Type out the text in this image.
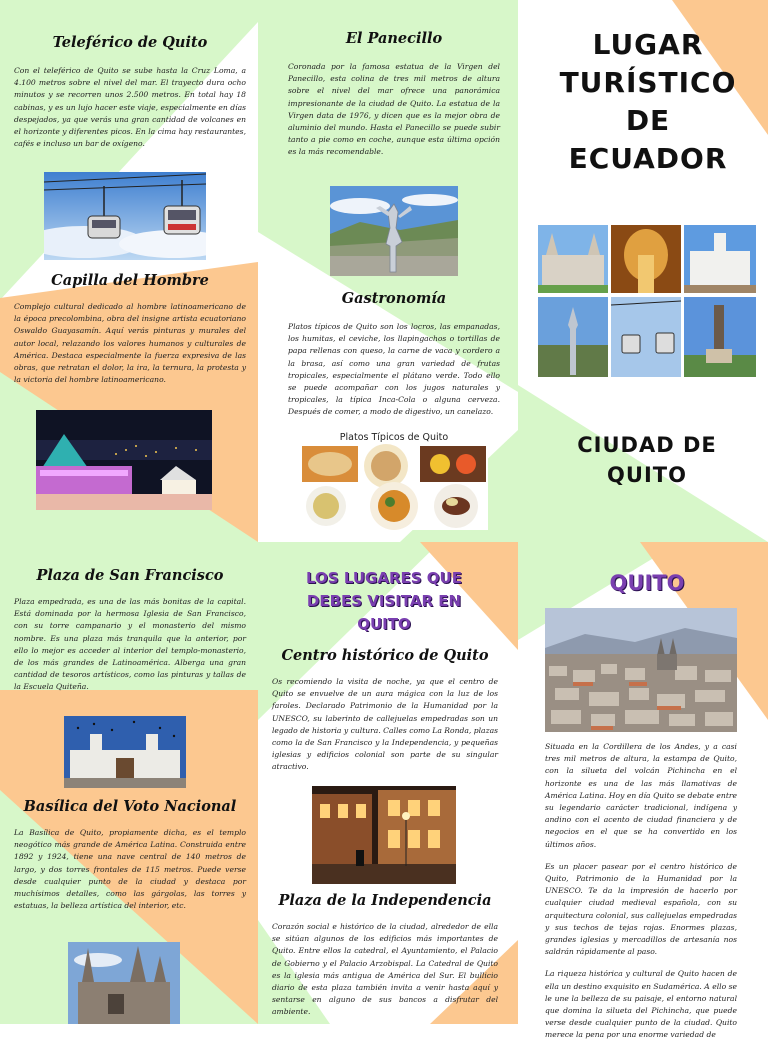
Teleférico de Quito

Con el teleférico de Quito se sube hasta la Cruz Loma, a 4.100 metros sobre el nivel del mar. El trayecto dura ocho minutos y se recorren unos 2.500 metros. En total hay 18 cabinas, y es un lujo hacer este viaje, especialmente en días despejados, ya que verás una gran cantidad de volcanes en el horizonte y diferentes picos. En la cima hay restaurantes, cafés e incluso un bar de oxígeno.

Capilla del Hombre

Complejo cultural dedicado al hombre latinoamericano de la época precolombina, obra del insigne artista ecuatoriano Oswaldo Guayasamín. Aquí verás pinturas y murales del autor local, relazando los valores humanos y culturales de América. Destaca especialmente la fuerza expresiva de las obras, que retratan el dolor, la ira, la ternura, la protesta y la victoria del hombre latinoamericano.

El Panecillo

Coronada por la famosa estatua de la Virgen del Panecillo, esta colina de tres mil metros de altura sobre el nivel del mar ofrece una panorámica impresionante de la ciudad de Quito. La estatua de la Virgen data de 1976, y dicen que es la mejor obra de aluminio del mundo. Hasta el Panecillo se puede subir tanto a pie como en coche, aunque esta última opción es la más recomendable.

Gastronomía

Platos típicos de Quito son los locros, las empanadas, los humitas, el ceviche, los llapingachos o tortillas de papa rellenas con queso, la carne de vaca y cordero a la brasa, así como una gran variedad de frutas tropicales, especialmente el plátano verde. Todo ello se puede acompañar con los jugos naturales y tropicales, la típica Inca-Cola o alguna cerveza. Después de comer, a modo de digestivo, un canelazo.

Platos Típicos de Quito
LUGAR
TURÍSTICO
DE
ECUADOR
CIUDAD DE
QUITO
Plaza de San Francisco

Plaza empedrada, es una de las más bonitas de la capital. Está dominada por la hermosa Iglesia de San Francisco, con su torre campanario y el monasterio del mismo nombre. Es una plaza más tranquila que la anterior, por ello lo mejor es acceder al interior del templo-monasterio, de los más grandes de Latinoamérica. Alberga una gran cantidad de tesoros artísticos, como las pinturas y tallas de la Escuela Quiteña.

Basílica del Voto Nacional

La Basílica de Quito, propiamente dicha, es el templo neogótico más grande de América Latina. Construida entre 1892 y 1924, tiene una nave central de 140 metros de largo, y dos torres frontales de 115 metros. Puede verse desde cualquier punto de la ciudad y destaca por muchísimos detalles, como las gárgolas, las torres y estatuas, la belleza artística del interior, etc.

LOS LUGARES QUE
DEBES VISITAR EN
QUITO
Centro histórico de Quito

Os recomiendo la visita de noche, ya que el centro de Quito se envuelve de un aura mágica con la luz de los faroles. Declarado Patrimonio de la Humanidad por la UNESCO, su laberinto de callejuelas empedradas son un legado de historia y cultura. Calles como La Ronda, plazas como la de San Francisco y la Independencia, y pequeñas iglesias y edificios colonial son parte de su singular atractivo.

Plaza de la Independencia

Corazón social e histórico de la ciudad, alrededor de ella se sitúan algunos de los edificios más importantes de Quito. Entre ellos la catedral, el Ayuntamiento, el Palacio de Gobierno y el Palacio Arzobispal. La Catedral de Quito es la iglesia más antigua de América del Sur. El bullicio diario de esta plaza también invita a venir hasta aquí y sentarse en alguno de sus bancos a disfrutar del ambiente.

QUITO

Situada en la Cordillera de los Andes, y a casi tres mil metros de altura, la estampa de Quito, con la silueta del volcán Pichincha en el horizonte es una de las más llamativas de América Latina. Hoy en día Quito se debate entre su legendario carácter tradicional, indígena y andino con el acento de ciudad financiera y de negocios en el que se ha convertido en los últimos años.

Es un placer pasear por el centro histórico de Quito, Patrimonio de la Humanidad por la UNESCO. Te da la impresión de hacerlo por cualquier ciudad medieval española, con su arquitectura colonial, sus callejuelas empedradas y sus techos de tejas rojas. Enormes plazas, grandes iglesias y mercadillos de artesanía nos saldrán rápidamente al paso.

La riqueza histórica y cultural de Quito hacen de ella un destino exquisito en Sudamérica. A ello se le une la belleza de su paisaje, el entorno natural que domina la silueta del Pichincha, que puede verse desde cualquier punto de la ciudad. Quito merece la pena por una enorme variedad de
